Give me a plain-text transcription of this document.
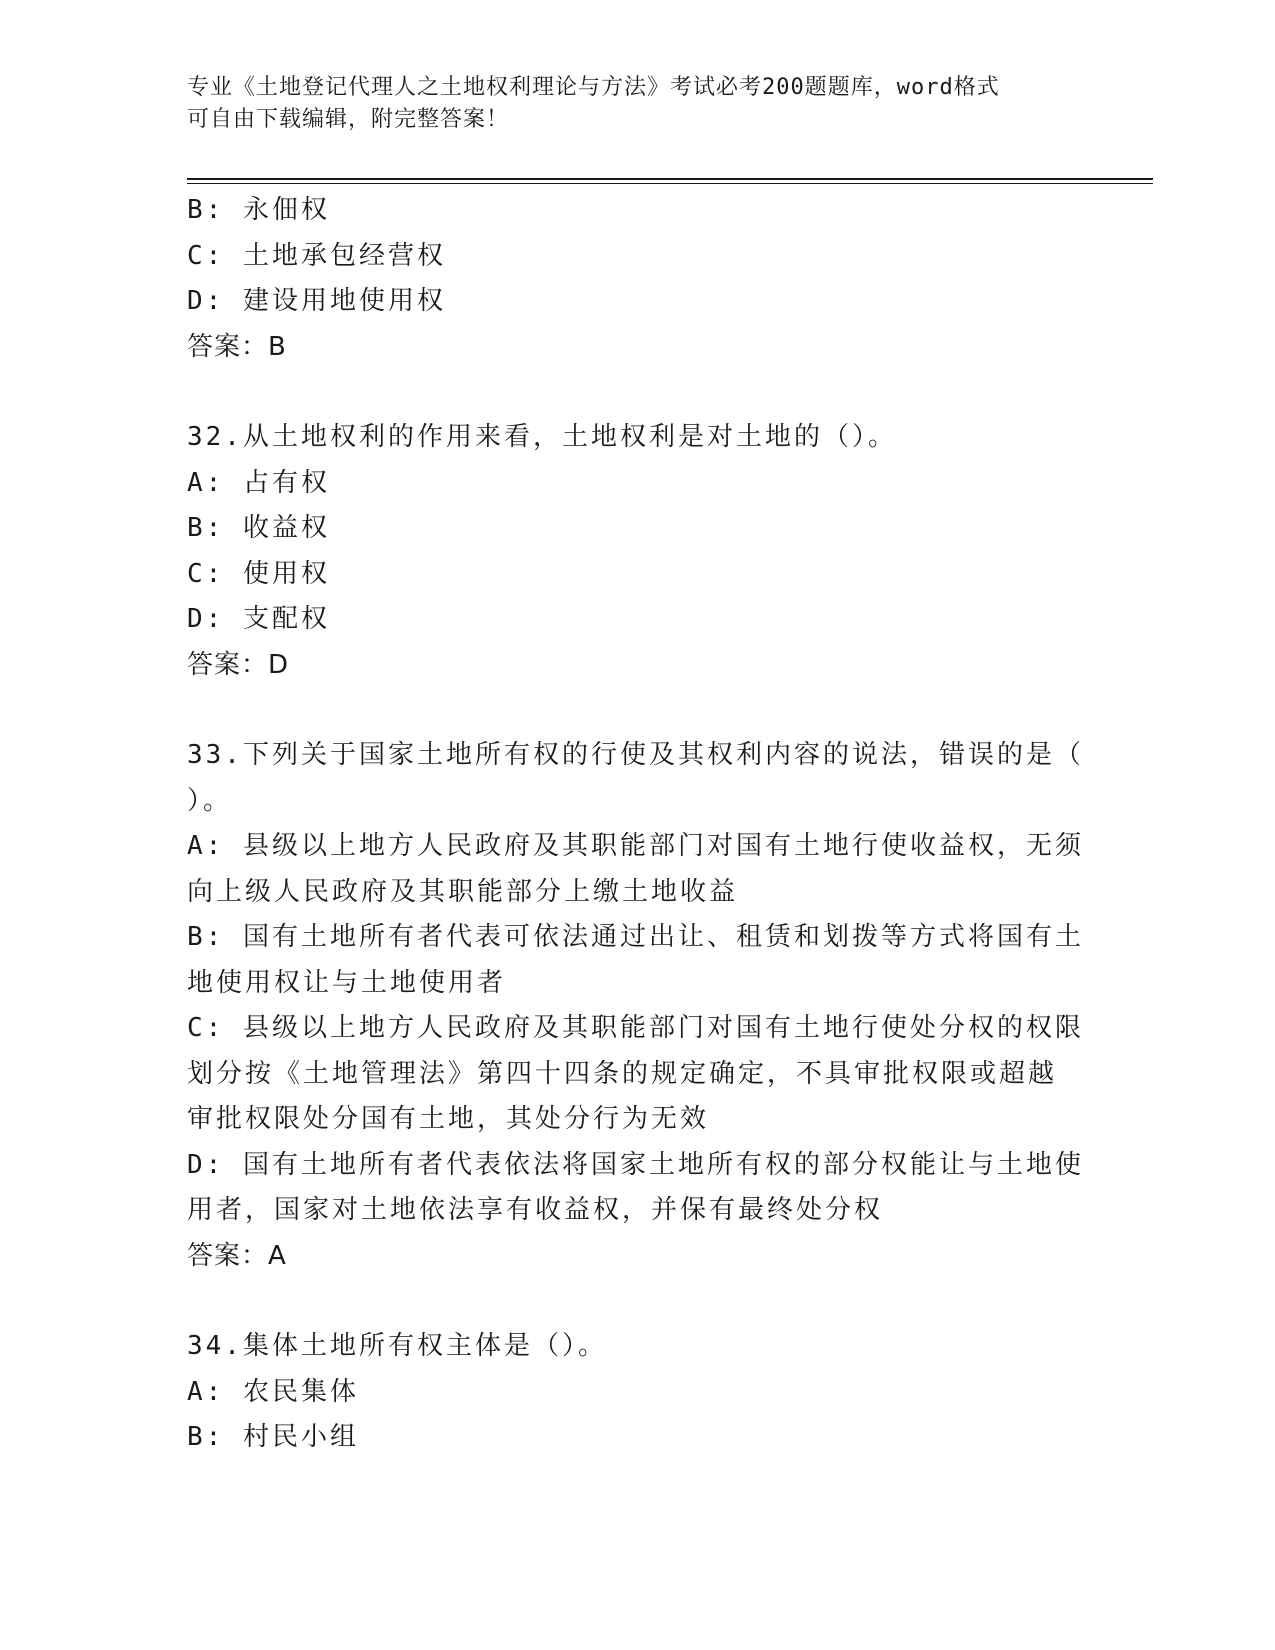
专业《土地登记代理人之土地权利理论与方法》考试必考200题题库，word格式
可自由下载编辑，附完整答案！
B: 永佃权
C: 土地承包经营权
D: 建设用地使用权
答案：B
32.从土地权利的作用来看，土地权利是对土地的（）。
A: 占有权
B: 收益权
C: 使用权
D: 支配权
答案：D
33.下列关于国家土地所有权的行使及其权利内容的说法，错误的是（
）。
A: 县级以上地方人民政府及其职能部门对国有土地行使收益权，无须
向上级人民政府及其职能部分上缴土地收益
B: 国有土地所有者代表可依法通过出让、租赁和划拨等方式将国有土
地使用权让与土地使用者
C: 县级以上地方人民政府及其职能部门对国有土地行使处分权的权限
划分按《土地管理法》第四十四条的规定确定，不具审批权限或超越
审批权限处分国有土地，其处分行为无效
D: 国有土地所有者代表依法将国家土地所有权的部分权能让与土地使
用者，国家对土地依法享有收益权，并保有最终处分权
答案：A
34.集体土地所有权主体是（）。
A: 农民集体
B: 村民小组
